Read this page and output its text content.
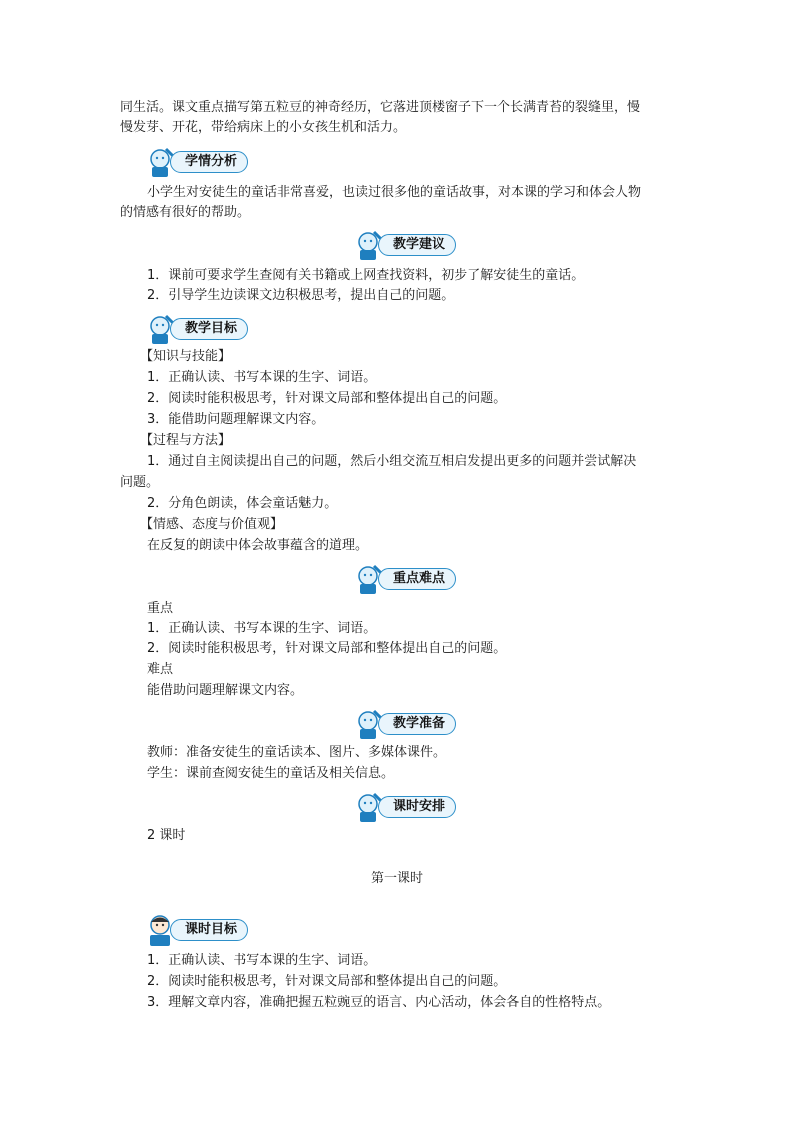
同生活。课文重点描写第五粒豆的神奇经历，它落进顶楼窗子下一个长满青苔的裂缝里，慢
慢发芽、开花，带给病床上的小女孩生机和活力。
学情分析
小学生对安徒生的童话非常喜爱，也读过很多他的童话故事，对本课的学习和体会人物
的情感有很好的帮助。
教学建议
1．课前可要求学生查阅有关书籍或上网查找资料，初步了解安徒生的童话。
2．引导学生边读课文边积极思考，提出自己的问题。
教学目标
【知识与技能】
1．正确认读、书写本课的生字、词语。
2．阅读时能积极思考，针对课文局部和整体提出自己的问题。
3．能借助问题理解课文内容。
【过程与方法】
1．通过自主阅读提出自己的问题，然后小组交流互相启发提出更多的问题并尝试解决
问题。
2．分角色朗读，体会童话魅力。
【情感、态度与价值观】
在反复的朗读中体会故事蕴含的道理。
重点难点
重点
1．正确认读、书写本课的生字、词语。
2．阅读时能积极思考，针对课文局部和整体提出自己的问题。
难点
能借助问题理解课文内容。
教学准备
教师：准备安徒生的童话读本、图片、多媒体课件。
学生：课前查阅安徒生的童话及相关信息。
课时安排
2 课时
第一课时
课时目标
1．正确认读、书写本课的生字、词语。
2．阅读时能积极思考，针对课文局部和整体提出自己的问题。
3．理解文章内容，准确把握五粒豌豆的语言、内心活动，体会各自的性格特点。
